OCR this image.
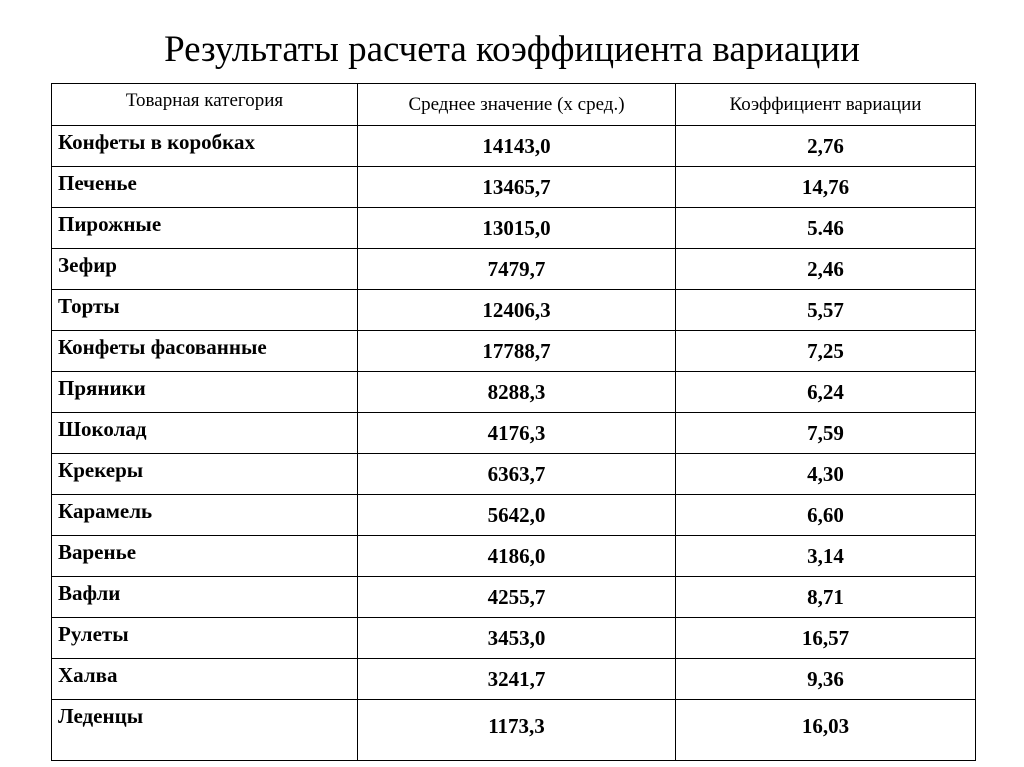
Результаты расчета коэффициента вариации
Товарная категория	Среднее значение (х сред.)	Коэффициент вариации
Конфеты в коробках	14143,0	2,76
Печенье	13465,7	14,76
Пирожные	13015,0	5.46
Зефир	7479,7	2,46
Торты	12406,3	5,57
Конфеты фасованные	17788,7	7,25
Пряники	8288,3	6,24
Шоколад	4176,3	7,59
Крекеры	6363,7	4,30
Карамель	5642,0	6,60
Варенье	4186,0	3,14
Вафли	4255,7	8,71
Рулеты	3453,0	16,57
Халва	3241,7	9,36
Леденцы	1173,3	16,03
